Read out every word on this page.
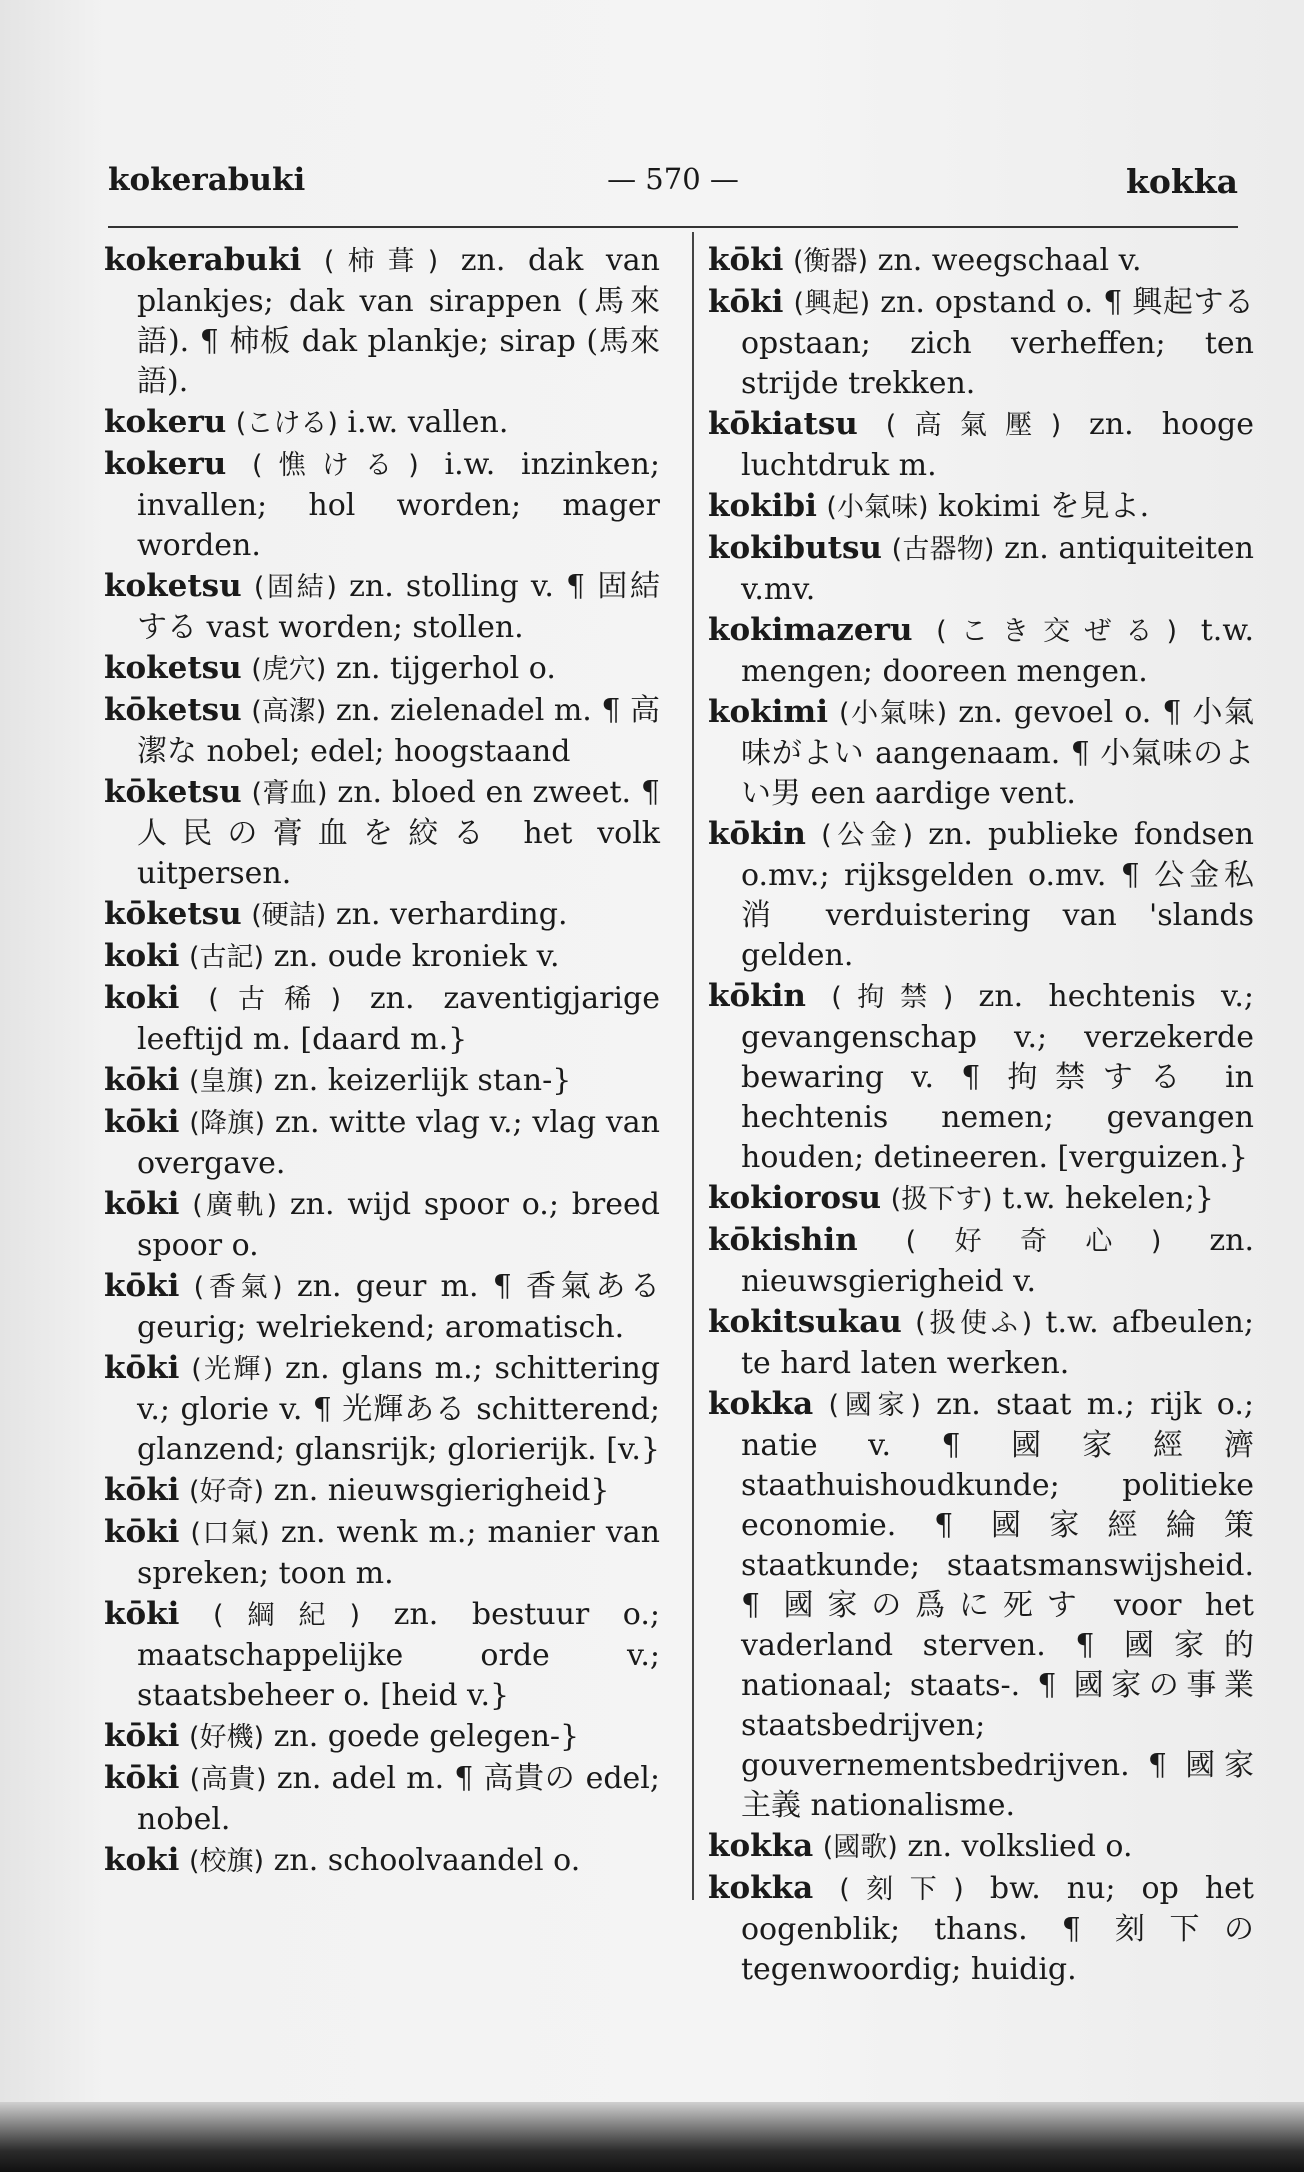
kokerabuki	— 570 —	kokka

kokerabuki (柿葺) zn. dak van plankjes; dak van sirappen (馬來語). ¶ 柿板 dak plankje; sirap (馬來語).

kokeru (こける) i.w. vallen.

kokeru (憔ける) i.w. inzinken; invallen; hol worden; mager worden.

koketsu (固結) zn. stolling v. ¶ 固結する vast worden; stollen.

koketsu (虎穴) zn. tijgerhol o.

kōketsu (高潔) zn. zielenadel m. ¶ 高潔な nobel; edel; hoogstaand

kōketsu (膏血) zn. bloed en zweet. ¶ 人民の膏血を絞る het volk uitpersen.

kōketsu (硬詰) zn. verharding.

koki (古記) zn. oude kroniek v.

koki (古稀) zn. zaventigjarige leeftijd m. [daard m.}

kōki (皇旗) zn. keizerlijk stan-}

kōki (降旗) zn. witte vlag v.; vlag van overgave.

kōki (廣軌) zn. wijd spoor o.; breed spoor o.

kōki (香氣) zn. geur m. ¶ 香氣ある geurig; welriekend; aromatisch.

kōki (光輝) zn. glans m.; schittering v.; glorie v. ¶ 光輝ある schitterend; glanzend; glansrijk; glorierijk. [v.}

kōki (好奇) zn. nieuwsgierigheid}

kōki (口氣) zn. wenk m.; manier van spreken; toon m.

kōki (綱紀) zn. bestuur o.; maatschappelijke orde v.; staatsbeheer o. [heid v.}

kōki (好機) zn. goede gelegen-}

kōki (高貴) zn. adel m. ¶ 高貴の edel; nobel.

koki (校旗) zn. schoolvaandel o.

kōki (衡器) zn. weegschaal v.

kōki (興起) zn. opstand o. ¶ 興起する opstaan; zich verheffen; ten strijde trekken.

kōkiatsu (高氣壓) zn. hooge luchtdruk m.

kokibi (小氣味) kokimi を見よ.

kokibutsu (古器物) zn. antiquiteiten v.mv.

kokimazeru (こき交ぜる) t.w. mengen; dooreen mengen.

kokimi (小氣味) zn. gevoel o. ¶ 小氣味がよい aangenaam. ¶ 小氣味のよい男 een aardige vent.

kōkin (公金) zn. publieke fondsen o.mv.; rijksgelden o.mv. ¶ 公金私消 verduistering van 'slands gelden.

kōkin (拘禁) zn. hechtenis v.; gevangenschap v.; verzekerde bewaring v. ¶ 拘禁する in hechtenis nemen; gevangen houden; detineeren. [verguizen.}

kokiorosu (扱下す) t.w. hekelen;}

kōkishin (好奇心) zn. nieuwsgierigheid v.

kokitsukau (扱使ふ) t.w. afbeulen; te hard laten werken.

kokka (國家) zn. staat m.; rijk o.; natie v. ¶ 國家經濟 staathuishoudkunde; politieke economie. ¶ 國家經綸策 staatkunde; staatsmanswijsheid. ¶ 國家の爲に死す voor het vaderland sterven. ¶ 國家的 nationaal; staats-. ¶ 國家の事業 staatsbedrijven; gouvernementsbedrijven. ¶ 國家主義 nationalisme.

kokka (國歌) zn. volkslied o.

kokka (刻下) bw. nu; op het oogenblik; thans. ¶ 刻下の tegenwoordig; huidig.
